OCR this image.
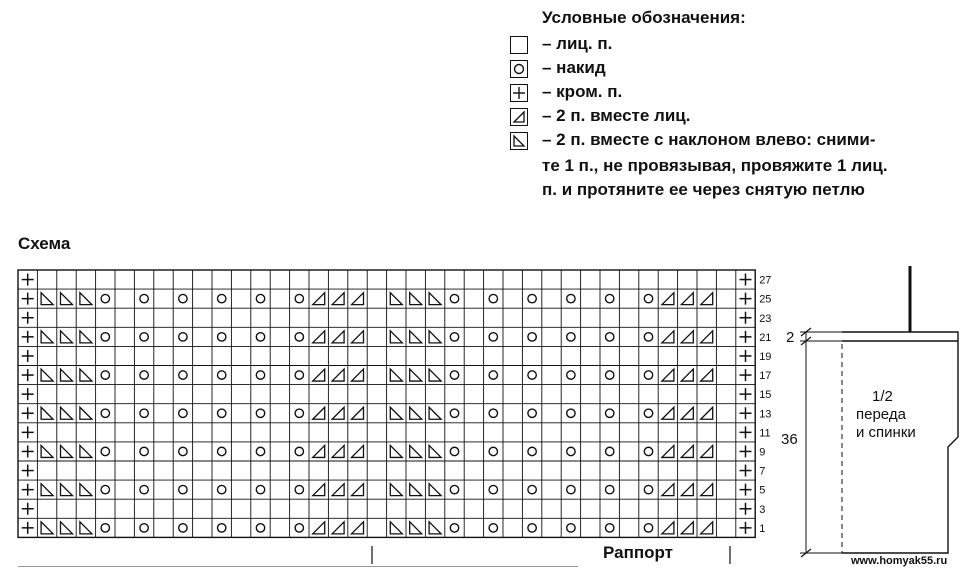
Условные обозначения:
– лиц. п.
– накид
– кром. п.
– 2 п. вместе лиц.
– 2 п. вместе с наклоном влево: сними-
те 1 п., не провязывая, провяжите 1 лиц.
п. и протяните ее через снятую петлю
Схема
27
25
23
21
19
17
15
13
11
9
7
5
3
1
2
36
1/2
переда
и спинки
Раппорт	www.homyak55.ru
